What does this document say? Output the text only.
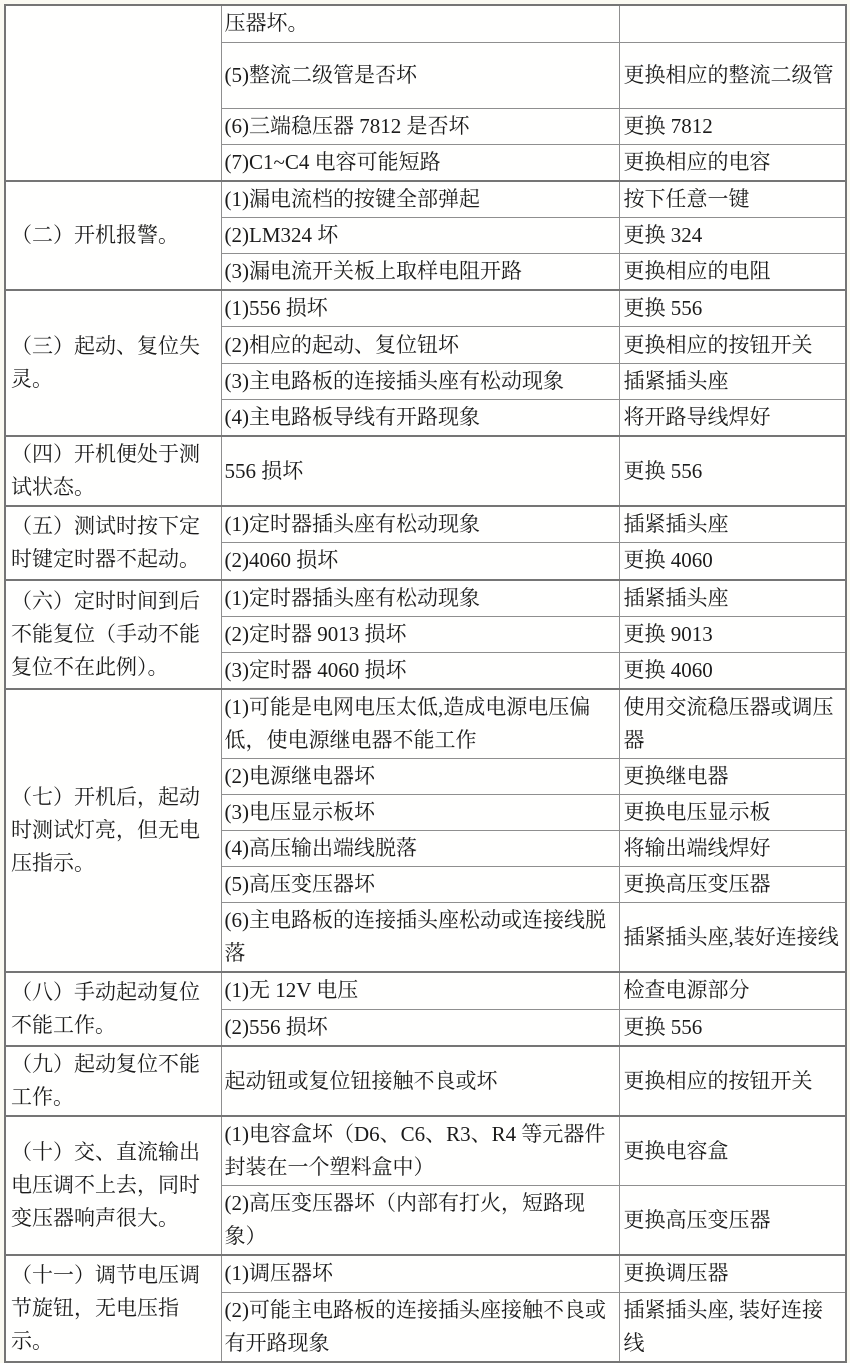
	压器坏。	
	(5)整流二级管是否坏	更换相应的整流二级管
	(6)三端稳压器 7812 是否坏	更换 7812
	(7)C1~C4 电容可能短路	更换相应的电容
（二）开机报警。	(1)漏电流档的按键全部弹起	按下任意一键
	(2)LM324 坏	更换 324
	(3)漏电流开关板上取样电阻开路	更换相应的电阻
（三）起动、复位失灵。	(1)556 损坏	更换 556
	(2)相应的起动、复位钮坏	更换相应的按钮开关
	(3)主电路板的连接插头座有松动现象	插紧插头座
	(4)主电路板导线有开路现象	将开路导线焊好
（四）开机便处于测试状态。	556 损坏	更换 556
（五）测试时按下定时键定时器不起动。	(1)定时器插头座有松动现象	插紧插头座
	(2)4060 损坏	更换 4060
（六）定时时间到后不能复位（手动不能复位不在此例）。	(1)定时器插头座有松动现象	插紧插头座
	(2)定时器 9013 损坏	更换 9013
	(3)定时器 4060 损坏	更换 4060
（七）开机后，起动时测试灯亮，但无电压指示。	(1)可能是电网电压太低,造成电源电压偏低，使电源继电器不能工作	使用交流稳压器或调压器
	(2)电源继电器坏	更换继电器
	(3)电压显示板坏	更换电压显示板
	(4)高压输出端线脱落	将输出端线焊好
	(5)高压变压器坏	更换高压变压器
	(6)主电路板的连接插头座松动或连接线脱落	插紧插头座,装好连接线
（八）手动起动复位不能工作。	(1)无 12V 电压	检查电源部分
	(2)556 损坏	更换 556
（九）起动复位不能工作。	起动钮或复位钮接触不良或坏	更换相应的按钮开关
（十）交、直流输出电压调不上去，同时变压器响声很大。	(1)电容盒坏（D6、C6、R3、R4 等元器件封装在一个塑料盒中）	更换电容盒
	(2)高压变压器坏（内部有打火，短路现象）	更换高压变压器
（十一）调节电压调节旋钮，无电压指示。	(1)调压器坏	更换调压器
	(2)可能主电路板的连接插头座接触不良或有开路现象	插紧插头座, 装好连接线
